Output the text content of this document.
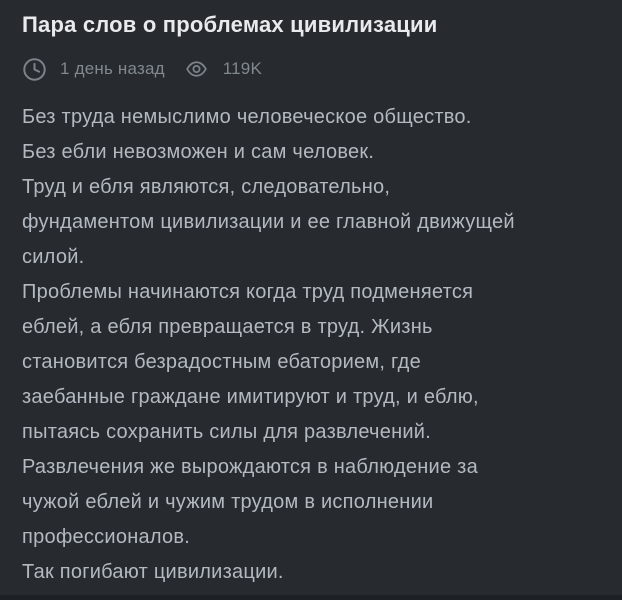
Пара слов о проблемах цивилизации
1 день назад	119K
Без труда немыслимо человеческое общество.
Без ебли невозможен и сам человек.
Труд и ебля являются, следовательно,
фундаментом цивилизации и ее главной движущей
силой.
Проблемы начинаются когда труд подменяется
еблей, а ебля превращается в труд. Жизнь
становится безрадостным ебаторием, где
заебанные граждане имитируют и труд, и еблю,
пытаясь сохранить силы для развлечений.
Развлечения же вырождаются в наблюдение за
чужой еблей и чужим трудом в исполнении
профессионалов.
Так погибают цивилизации.
